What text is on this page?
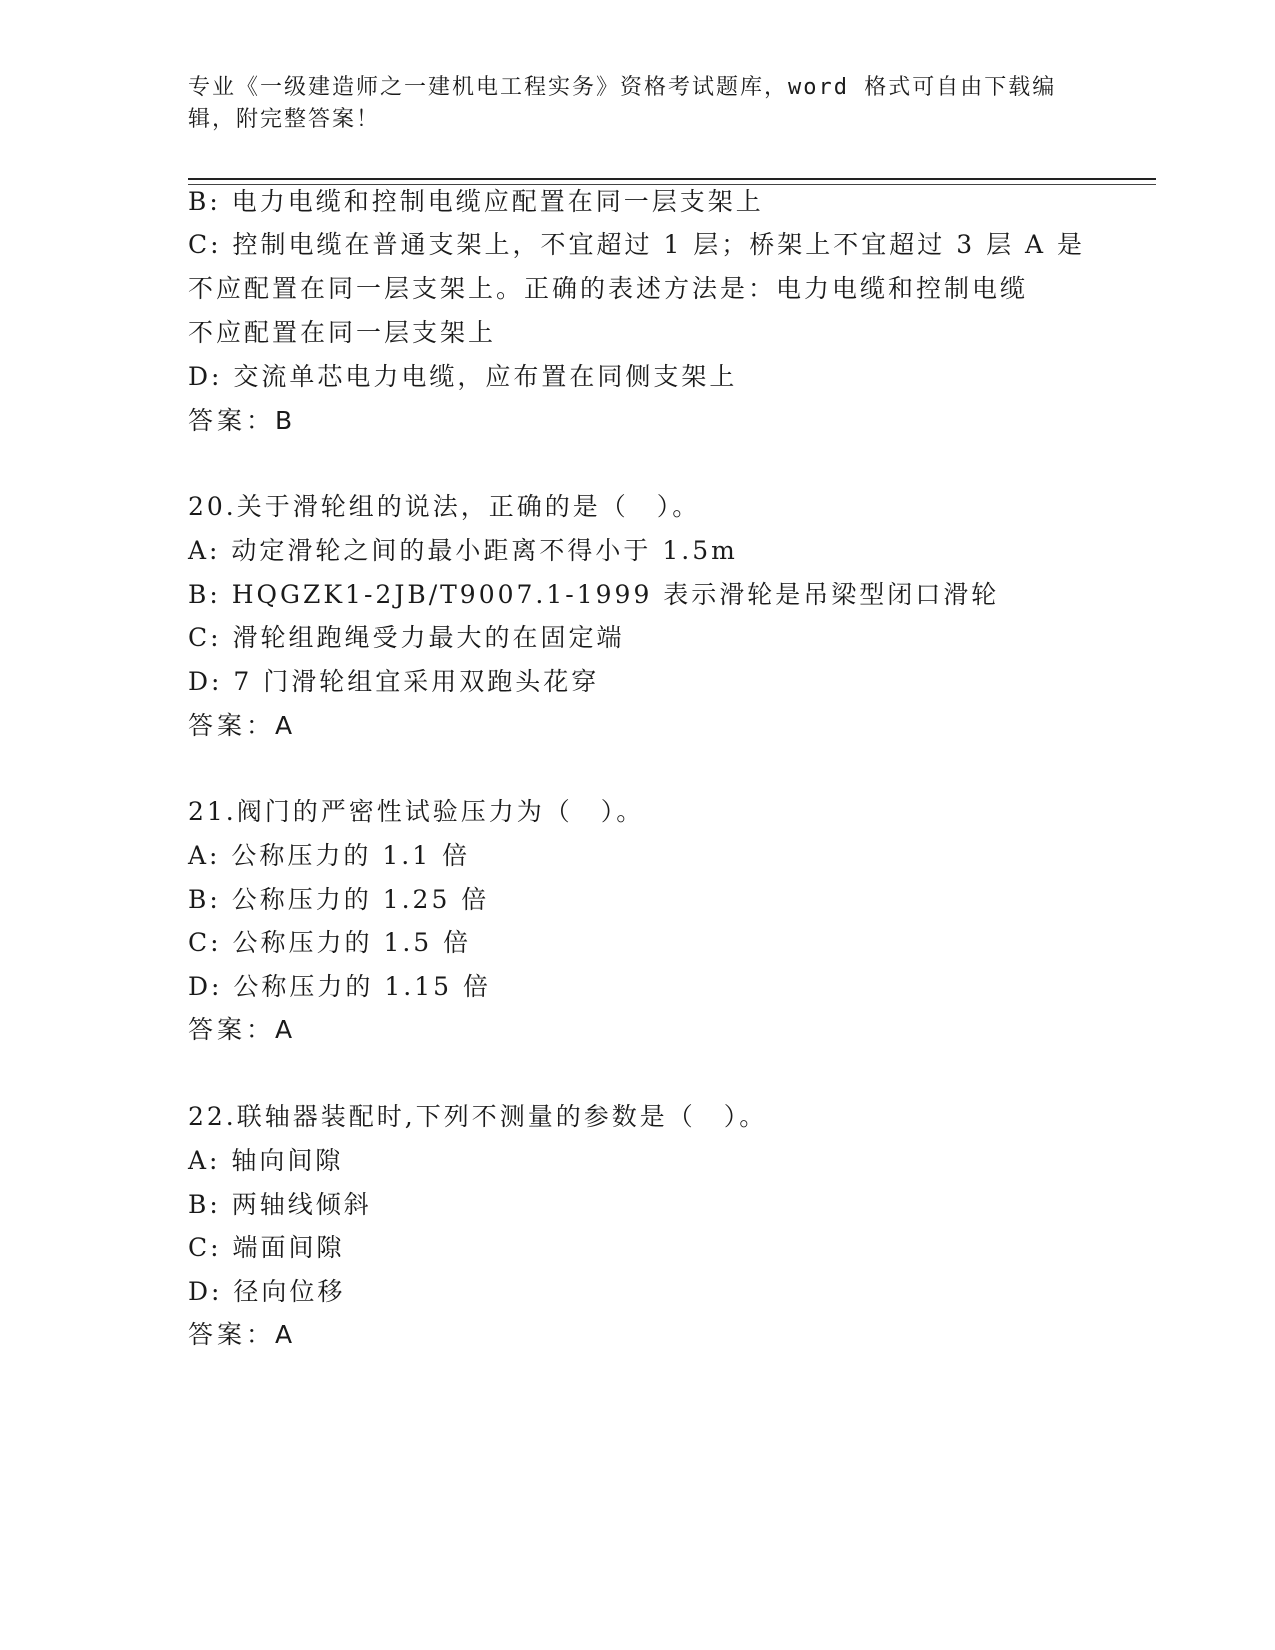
专业《一级建造师之一建机电工程实务》资格考试题库，word 格式可自由下载编
辑，附完整答案！
B: 电力电缆和控制电缆应配置在同一层支架上
C: 控制电缆在普通支架上，不宜超过 1 层；桥架上不宜超过 3 层 A 是
不应配置在同一层支架上。正确的表述方法是：电力电缆和控制电缆
不应配置在同一层支架上
D: 交流单芯电力电缆，应布置在同侧支架上
答案：B
20.关于滑轮组的说法，正确的是（　）。
A: 动定滑轮之间的最小距离不得小于 1.5m
B: HQGZK1-2JB/T9007.1-1999 表示滑轮是吊梁型闭口滑轮
C: 滑轮组跑绳受力最大的在固定端
D: 7 门滑轮组宜采用双跑头花穿
答案：A
21.阀门的严密性试验压力为（　）。
A: 公称压力的 1.1 倍
B: 公称压力的 1.25 倍
C: 公称压力的 1.5 倍
D: 公称压力的 1.15 倍
答案：A
22.联轴器装配时,下列不测量的参数是（　）。
A: 轴向间隙
B: 两轴线倾斜
C: 端面间隙
D: 径向位移
答案：A
